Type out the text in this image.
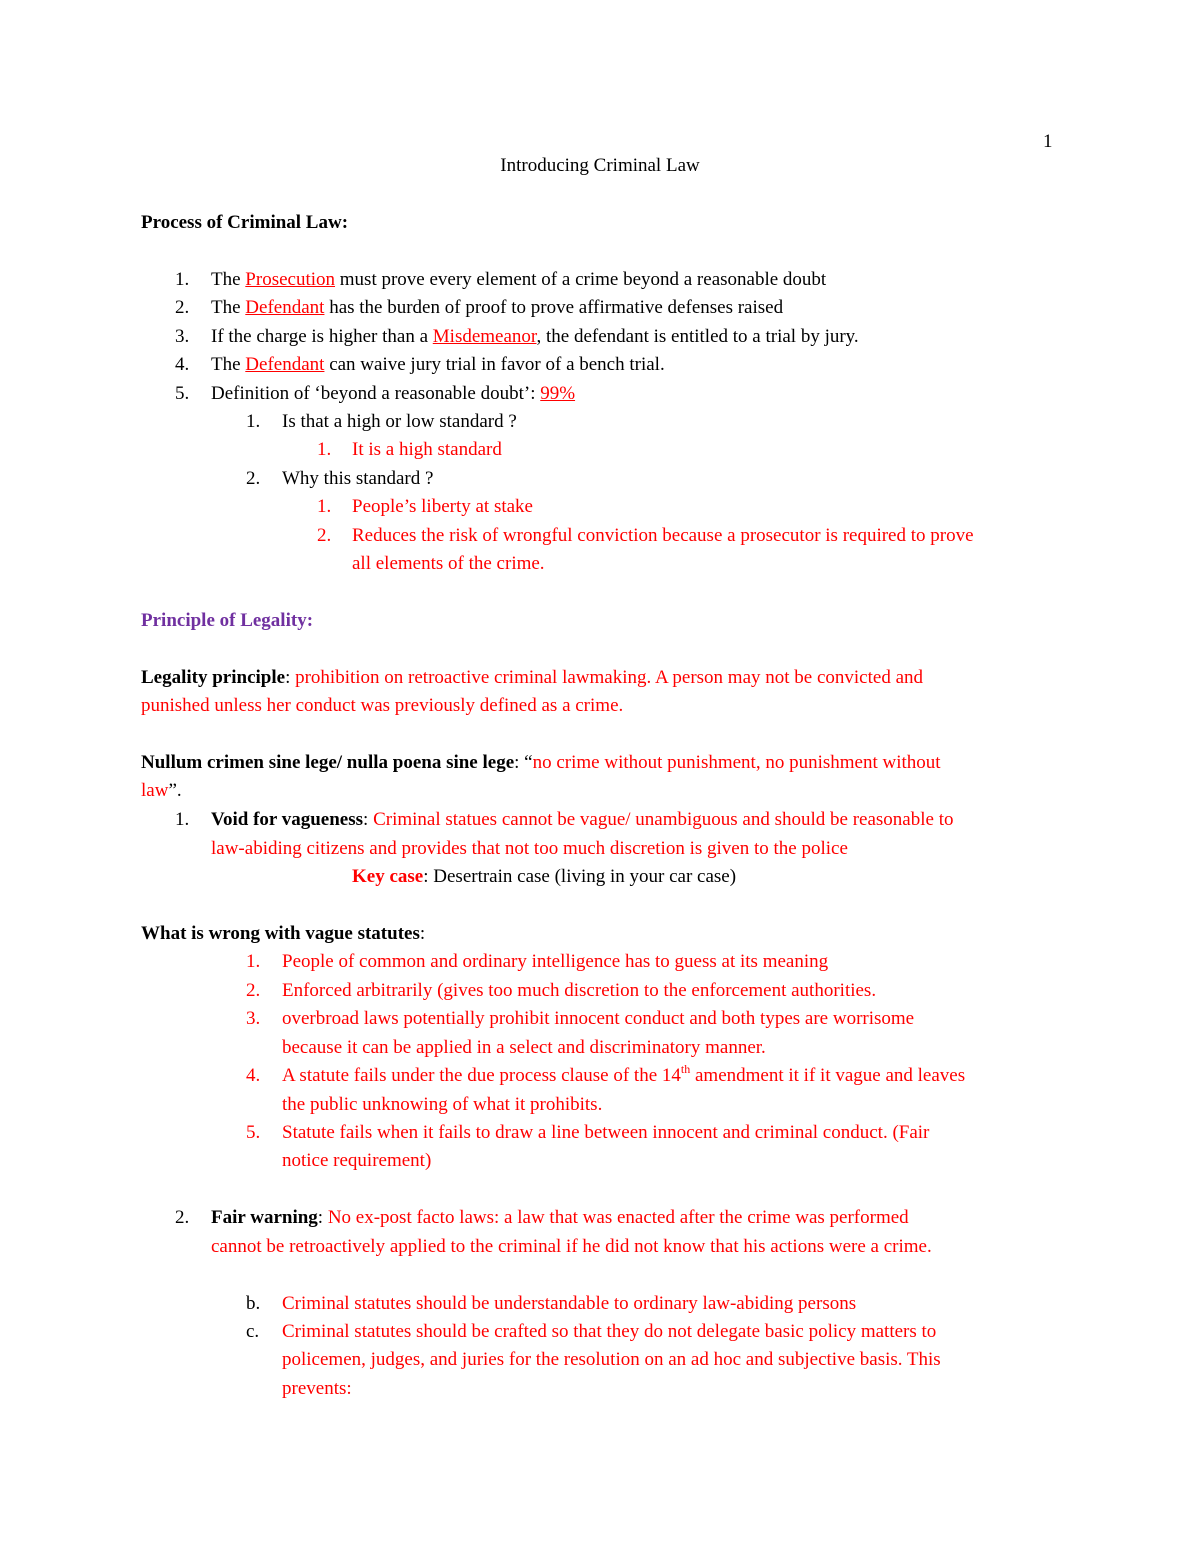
1
Introducing Criminal Law
Process of Criminal Law:
1. The Prosecution must prove every element of a crime beyond a reasonable doubt
2. The Defendant has the burden of proof to prove affirmative defenses raised
3. If the charge is higher than a Misdemeanor, the defendant is entitled to a trial by jury.
4. The Defendant can waive jury trial in favor of a bench trial.
5. Definition of ‘beyond a reasonable doubt’: 99%
1. Is that a high or low standard ?
1. It is a high standard
2. Why this standard ?
1. People’s liberty at stake
2. Reduces the risk of wrongful conviction because a prosecutor is required to prove
all elements of the crime.
Principle of Legality:
Legality principle: prohibition on retroactive criminal lawmaking. A person may not be convicted and
punished unless her conduct was previously defined as a crime.
Nullum crimen sine lege/ nulla poena sine lege: “no crime without punishment, no punishment without
law”.
1. Void for vagueness: Criminal statues cannot be vague/ unambiguous and should be reasonable to
law-abiding citizens and provides that not too much discretion is given to the police
Key case: Desertrain case (living in your car case)
What is wrong with vague statutes:
1. People of common and ordinary intelligence has to guess at its meaning
2. Enforced arbitrarily (gives too much discretion to the enforcement authorities.
3. overbroad laws potentially prohibit innocent conduct and both types are worrisome
because it can be applied in a select and discriminatory manner.
4. A statute fails under the due process clause of the 14th amendment it if it vague and leaves
the public unknowing of what it prohibits.
5. Statute fails when it fails to draw a line between innocent and criminal conduct. (Fair
notice requirement)
2. Fair warning: No ex-post facto laws: a law that was enacted after the crime was performed
cannot be retroactively applied to the criminal if he did not know that his actions were a crime.
b. Criminal statutes should be understandable to ordinary law-abiding persons
c. Criminal statutes should be crafted so that they do not delegate basic policy matters to
policemen, judges, and juries for the resolution on an ad hoc and subjective basis. This
prevents:
